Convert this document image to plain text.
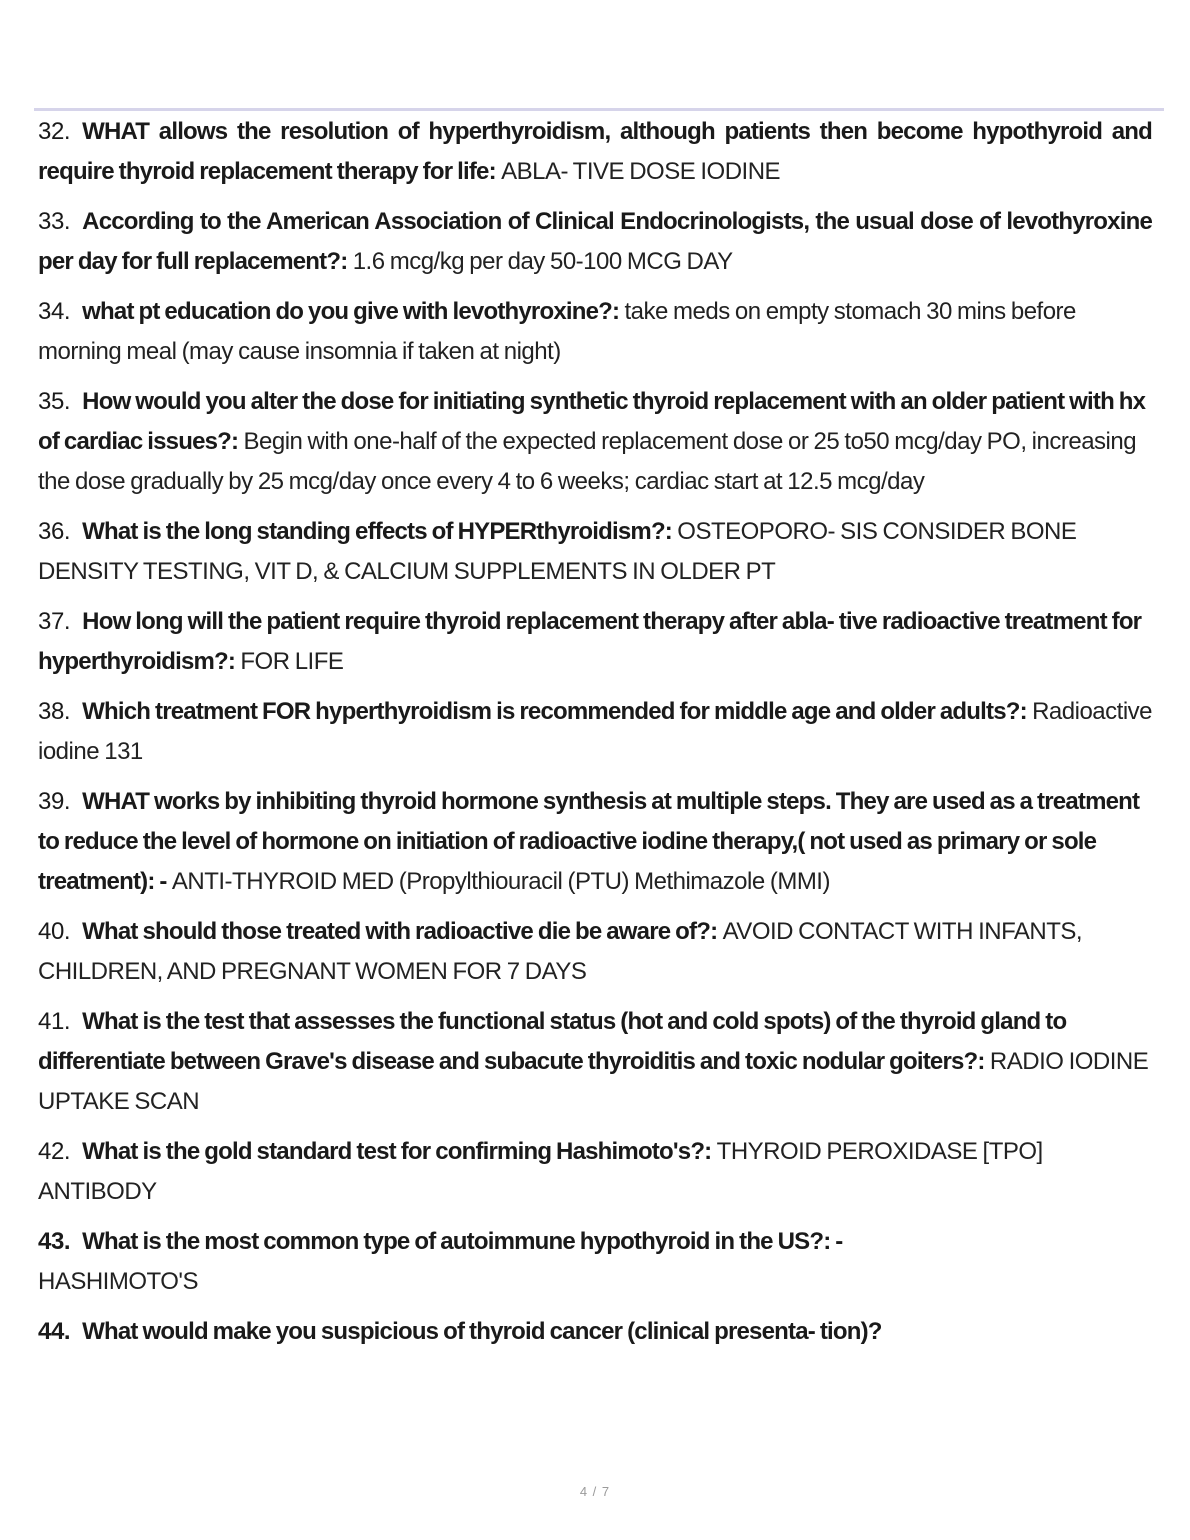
32. WHAT allows the resolution of hyperthyroidism, although patients then become hypothyroid and require thyroid replacement therapy for life: ABLA- TIVE DOSE IODINE

33. According to the American Association of Clinical Endocrinologists, the usual dose of levothyroxine per day for full replacement?: 1.6 mcg/kg per day 50-100 MCG DAY

34. what pt education do you give with levothyroxine?: take meds on empty stomach 30 mins before morning meal (may cause insomnia if taken at night)

35. How would you alter the dose for initiating synthetic thyroid replacement with an older patient with hx of cardiac issues?: Begin with one-half of the expected replacement dose or 25 to50 mcg/day PO, increasing the dose gradually by 25 mcg/day once every 4 to 6 weeks; cardiac start at 12.5 mcg/day

36. What is the long standing effects of HYPERthyroidism?: OSTEOPORO- SIS CONSIDER BONE DENSITY TESTING, VIT D, & CALCIUM SUPPLEMENTS IN OLDER PT

37. How long will the patient require thyroid replacement therapy after abla- tive radioactive treatment for hyperthyroidism?: FOR LIFE

38. Which treatment FOR hyperthyroidism is recommended for middle age and older adults?: Radioactive iodine 131

39. WHAT works by inhibiting thyroid hormone synthesis at multiple steps. They are used as a treatment to reduce the level of hormone on initiation of radioactive iodine therapy,( not used as primary or sole treatment): - ANTI-THYROID MED (Propylthiouracil (PTU) Methimazole (MMI)

40. What should those treated with radioactive die be aware of?: AVOID CONTACT WITH INFANTS, CHILDREN, AND PREGNANT WOMEN FOR 7 DAYS

41. What is the test that assesses the functional status (hot and cold spots) of the thyroid gland to differentiate between Grave's disease and subacute thyroiditis and toxic nodular goiters?: RADIO IODINE UPTAKE SCAN

42. What is the gold standard test for confirming Hashimoto's?: THYROID PEROXIDASE [TPO] ANTIBODY

43. What is the most common type of autoimmune hypothyroid in the US?: -
HASHIMOTO'S

44. What would make you suspicious of thyroid cancer (clinical presenta- tion)?

4 / 7
